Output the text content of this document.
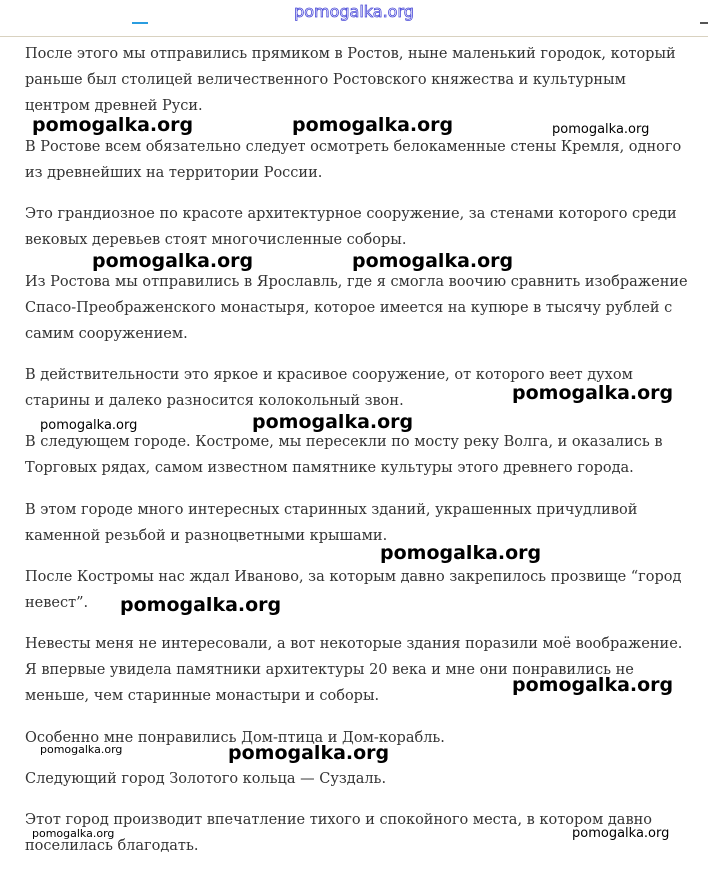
pomogalka.org

После этого мы отправились прямиком в Ростов, ныне маленький городок, который раньше был столицей величественного Ростовского княжества и культурным центром древней Руси.

В Ростове всем обязательно следует осмотреть белокаменные стены Кремля, одного из древнейших на территории России.

Это грандиозное по красоте архитектурное сооружение, за стенами которого среди вековых деревьев стоят многочисленные соборы.

Из Ростова мы отправились в Ярославль, где я смогла воочию сравнить изображение Спасо-Преображенского монастыря, которое имеется на купюре в тысячу рублей с самим сооружением.

В действительности это яркое и красивое сооружение, от которого веет духом старины и далеко разносится колокольный звон.

В следующем городе. Костроме, мы пересекли по мосту реку Волга, и оказались в Торговых рядах, самом известном памятнике культуры этого древнего города.

В этом городе много интересных старинных зданий, украшенных причудливой каменной резьбой и разноцветными крышами.

После Костромы нас ждал Иваново, за которым давно закрепилось прозвище “город невест”.

Невесты меня не интересовали, а вот некоторые здания поразили моё воображение. Я впервые увидела памятники архитектуры 20 века и мне они понравились не меньше, чем старинные монастыри и соборы.

Особенно мне понравились Дом-птица и Дом-корабль.

Следующий город Золотого кольца — Суздаль.

Этот город производит впечатление тихого и спокойного места, в котором давно поселилась благодать.

pomogalka.org	pomogalka.org	pomogalka.org
pomogalka.org	pomogalka.org
pomogalka.org
pomogalka.org
pomogalka.org
pomogalka.org
pomogalka.org
pomogalka.org
pomogalka.org	pomogalka.org
pomogalka.org	pomogalka.org
